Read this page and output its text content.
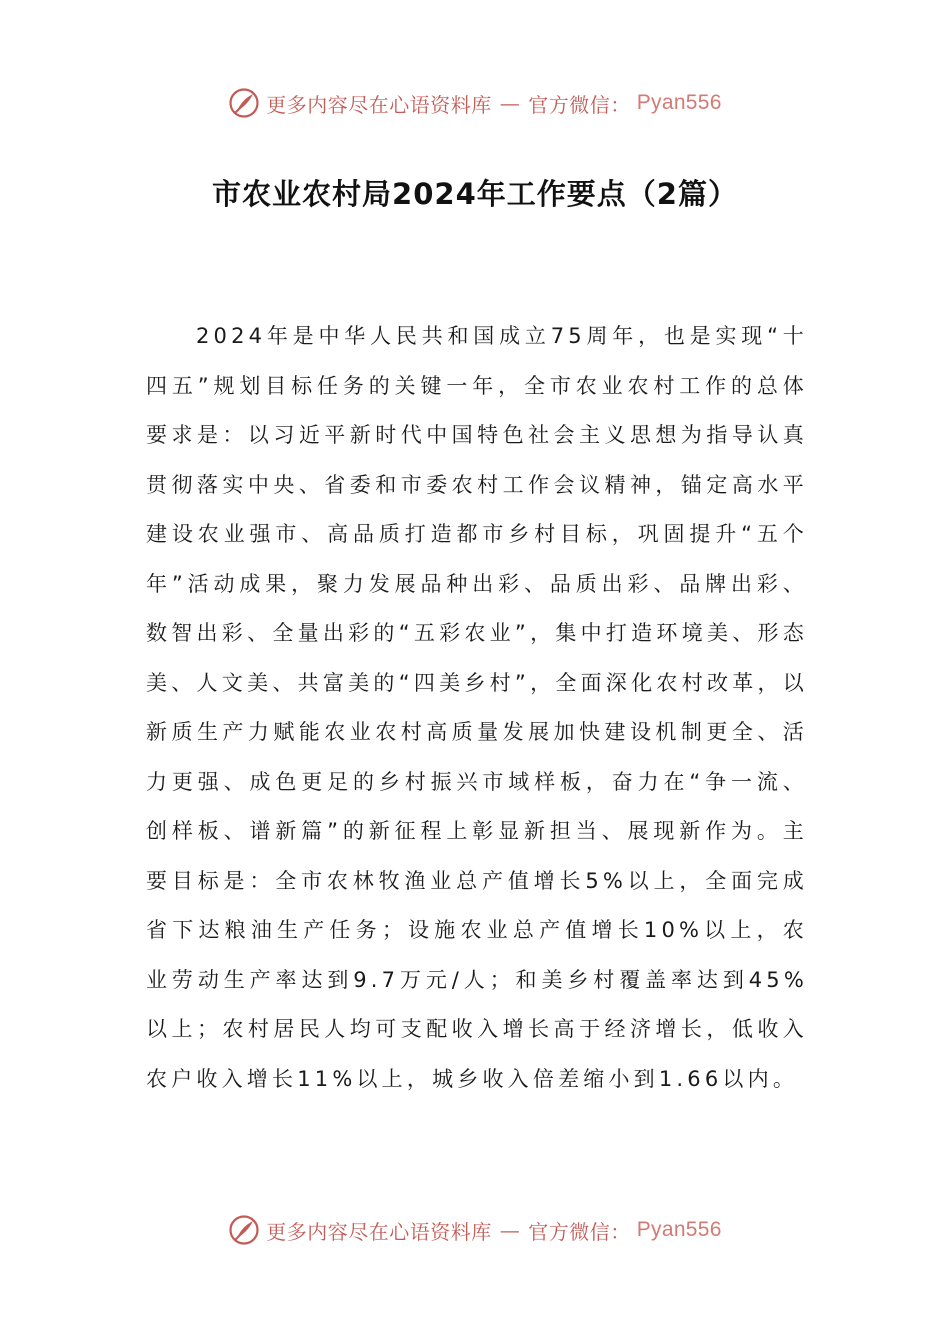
更多内容尽在心语资料库 — 官方微信： Pyan556
市农业农村局2024年工作要点（2篇）

2024年是中华人民共和国成立75周年，也是实现“十四五”规划目标任务的关键一年，全市农业农村工作的总体要求是：以习近平新时代中国特色社会主义思想为指导认真贯彻落实中央、省委和市委农村工作会议精神，锚定高水平建设农业强市、高品质打造都市乡村目标，巩固提升“五个年”活动成果，聚力发展品种出彩、品质出彩、品牌出彩、数智出彩、全量出彩的“五彩农业”，集中打造环境美、形态美、人文美、共富美的“四美乡村”，全面深化农村改革，以新质生产力赋能农业农村高质量发展加快建设机制更全、活力更强、成色更足的乡村振兴市域样板，奋力在“争一流、创样板、谱新篇”的新征程上彰显新担当、展现新作为。主要目标是：全市农林牧渔业总产值增长5%以上，全面完成省下达粮油生产任务；设施农业总产值增长10%以上，农业劳动生产率达到9.7万元/人；和美乡村覆盖率达到45%以上；农村居民人均可支配收入增长高于经济增长，低收入农户收入增长11%以上，城乡收入倍差缩小到1.66以内。

更多内容尽在心语资料库 — 官方微信： Pyan556
